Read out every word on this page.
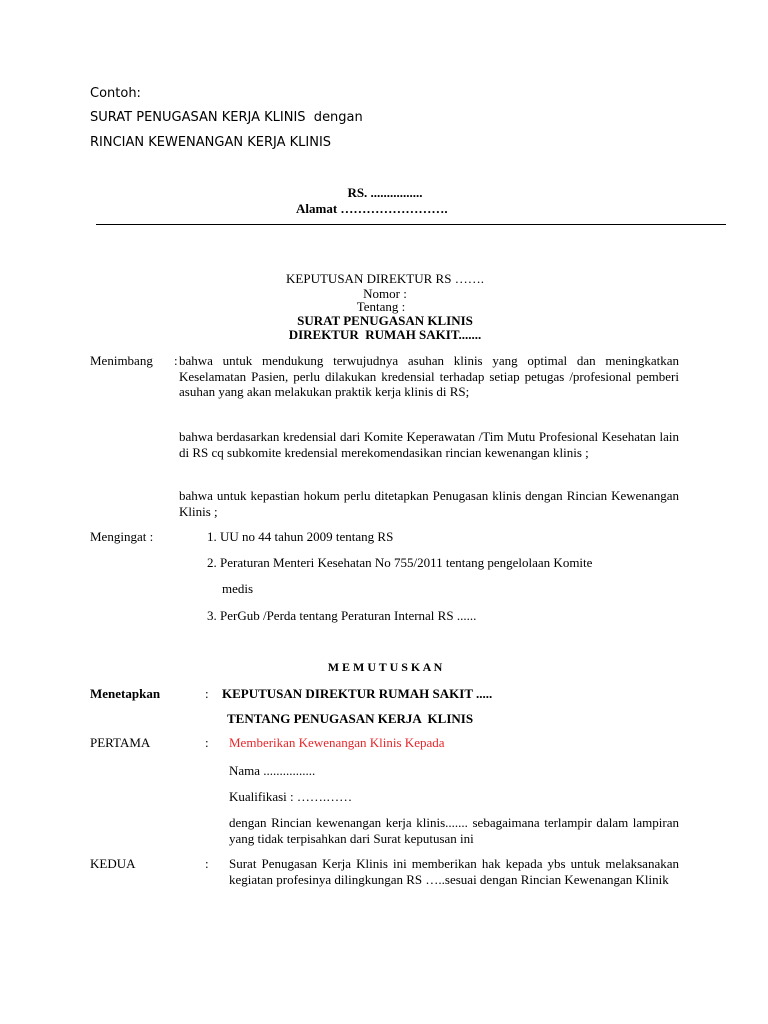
Contoh:
SURAT PENUGASAN KERJA KLINIS  dengan
RINCIAN KEWENANGAN KERJA KLINIS
RS. ................
Alamat …………………….
KEPUTUSAN DIREKTUR RS …….
Nomor :
Tentang :
SURAT PENUGASAN KLINIS
DIREKTUR  RUMAH SAKIT.......
Menimbang : bahwa untuk mendukung terwujudnya asuhan klinis yang optimal dan meningkatkan Keselamatan Pasien, perlu dilakukan kredensial terhadap setiap petugas /profesional pemberi asuhan yang akan melakukan praktik kerja klinis di RS;
bahwa berdasarkan kredensial dari Komite Keperawatan /Tim Mutu Profesional Kesehatan lain di RS cq subkomite kredensial merekomendasikan rincian kewenangan klinis ;
bahwa untuk kepastian hokum perlu ditetapkan Penugasan klinis dengan Rincian Kewenangan Klinis ;
Mengingat :	1. UU no 44 tahun 2009 tentang RS
2. Peraturan Menteri Kesehatan No 755/2011 tentang pengelolaan Komite
medis
3. PerGub /Perda tentang Peraturan Internal RS ......
M E M U T U S K A N
Menetapkan	: KEPUTUSAN DIREKTUR RUMAH SAKIT .....
TENTANG PENUGASAN KERJA  KLINIS
PERTAMA	: Memberikan Kewenangan Klinis Kepada
Nama ................
Kualifikasi : …….……
dengan Rincian kewenangan kerja klinis....... sebagaimana terlampir dalam lampiran yang tidak terpisahkan dari Surat keputusan ini
KEDUA	: Surat Penugasan Kerja Klinis ini memberikan hak kepada ybs untuk melaksanakan kegiatan profesinya dilingkungan RS …..sesuai dengan Rincian Kewenangan Klinik
